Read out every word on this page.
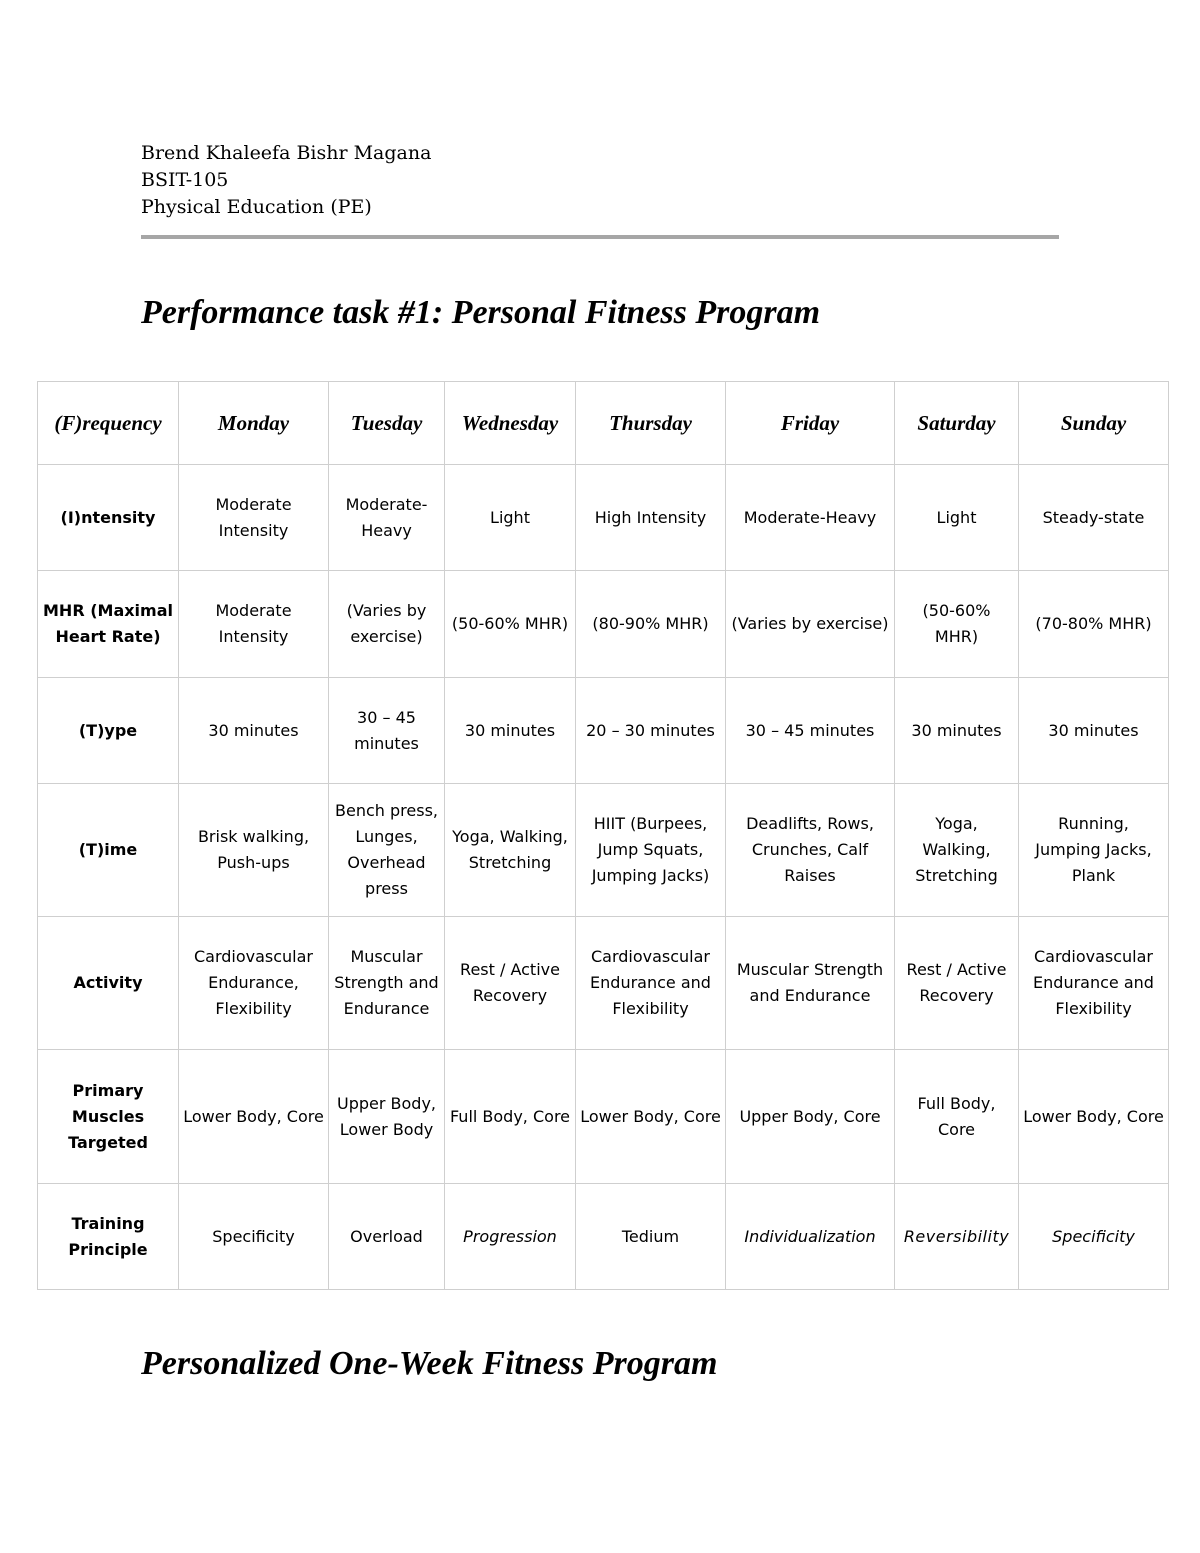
Brend Khaleefa Bishr Magana
BSIT-105
Physical Education (PE)
Performance task #1: Personal Fitness Program
(F)requency	Monday	Tuesday	Wednesday	Thursday	Friday	Saturday	Sunday
(I)ntensity	Moderate Intensity	Moderate-Heavy	Light	High Intensity	Moderate-Heavy	Light	Steady-state
MHR (Maximal Heart Rate)	Moderate Intensity	(Varies by exercise)	(50-60% MHR)	(80-90% MHR)	(Varies by exercise)	(50-60% MHR)	(70-80% MHR)
(T)ype	30 minutes	30 – 45 minutes	30 minutes	20 – 30 minutes	30 – 45 minutes	30 minutes	30 minutes
(T)ime	Brisk walking, Push-ups	Bench press, Lunges, Overhead press	Yoga, Walking, Stretching	HIIT (Burpees, Jump Squats, Jumping Jacks)	Deadlifts, Rows, Crunches, Calf Raises	Yoga, Walking, Stretching	Running, Jumping Jacks, Plank
Activity	Cardiovascular Endurance, Flexibility	Muscular Strength and Endurance	Rest / Active Recovery	Cardiovascular Endurance and Flexibility	Muscular Strength and Endurance	Rest / Active Recovery	Cardiovascular Endurance and Flexibility
Primary Muscles Targeted	Lower Body, Core	Upper Body, Lower Body	Full Body, Core	Lower Body, Core	Upper Body, Core	Full Body, Core	Lower Body, Core
Training Principle	Specificity	Overload	Progression	Tedium	Individualization	Reversibility	Specificity
Personalized One-Week Fitness Program
